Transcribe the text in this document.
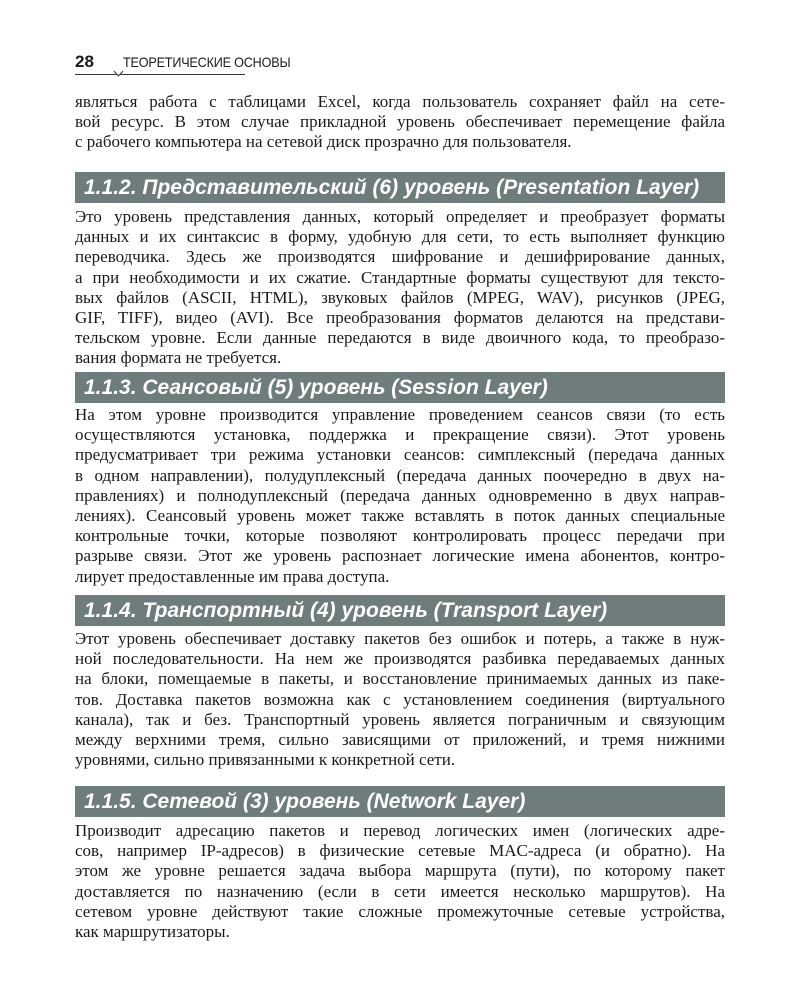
28 ТЕОРЕТИЧЕСКИЕ ОСНОВЫ
являться работа с таблицами Excel, когда пользователь сохраняет файл на сете-
вой ресурс. В этом случае прикладной уровень обеспечивает перемещение файла
с рабочего компьютера на сетевой диск прозрачно для пользователя.
1.1.2. Представительский (6) уровень (Presentation Layer)
Это уровень представления данных, который определяет и преобразует форматы
данных и их синтаксис в форму, удобную для сети, то есть выполняет функцию
переводчика. Здесь же производятся шифрование и дешифрирование данных,
а при необходимости и их сжатие. Стандартные форматы существуют для тексто-
вых файлов (ASCII, HTML), звуковых файлов (MPEG, WAV), рисунков (JPEG,
GIF, TIFF), видео (AVI). Все преобразования форматов делаются на представи-
тельском уровне. Если данные передаются в виде двоичного кода, то преобразо-
вания формата не требуется.
1.1.3. Сеансовый (5) уровень (Session Layer)
На этом уровне производится управление проведением сеансов связи (то есть
осуществляются установка, поддержка и прекращение связи). Этот уровень
предусматривает три режима установки сеансов: симплексный (передача данных
в одном направлении), полудуплексный (передача данных поочередно в двух на-
правлениях) и полнодуплексный (передача данных одновременно в двух направ-
лениях). Сеансовый уровень может также вставлять в поток данных специальные
контрольные точки, которые позволяют контролировать процесс передачи при
разрыве связи. Этот же уровень распознает логические имена абонентов, контро-
лирует предоставленные им права доступа.
1.1.4. Транспортный (4) уровень (Transport Layer)
Этот уровень обеспечивает доставку пакетов без ошибок и потерь, а также в нуж-
ной последовательности. На нем же производятся разбивка передаваемых данных
на блоки, помещаемые в пакеты, и восстановление принимаемых данных из паке-
тов. Доставка пакетов возможна как с установлением соединения (виртуального
канала), так и без. Транспортный уровень является пограничным и связующим
между верхними тремя, сильно зависящими от приложений, и тремя нижними
уровнями, сильно привязанными к конкретной сети.
1.1.5. Сетевой (3) уровень (Network Layer)
Производит адресацию пакетов и перевод логических имен (логических адре-
сов, например IP-адресов) в физические сетевые MAC-адреса (и обратно). На
этом же уровне решается задача выбора маршрута (пути), по которому пакет
доставляется по назначению (если в сети имеется несколько маршрутов). На
сетевом уровне действуют такие сложные промежуточные сетевые устройства,
как маршрутизаторы.
